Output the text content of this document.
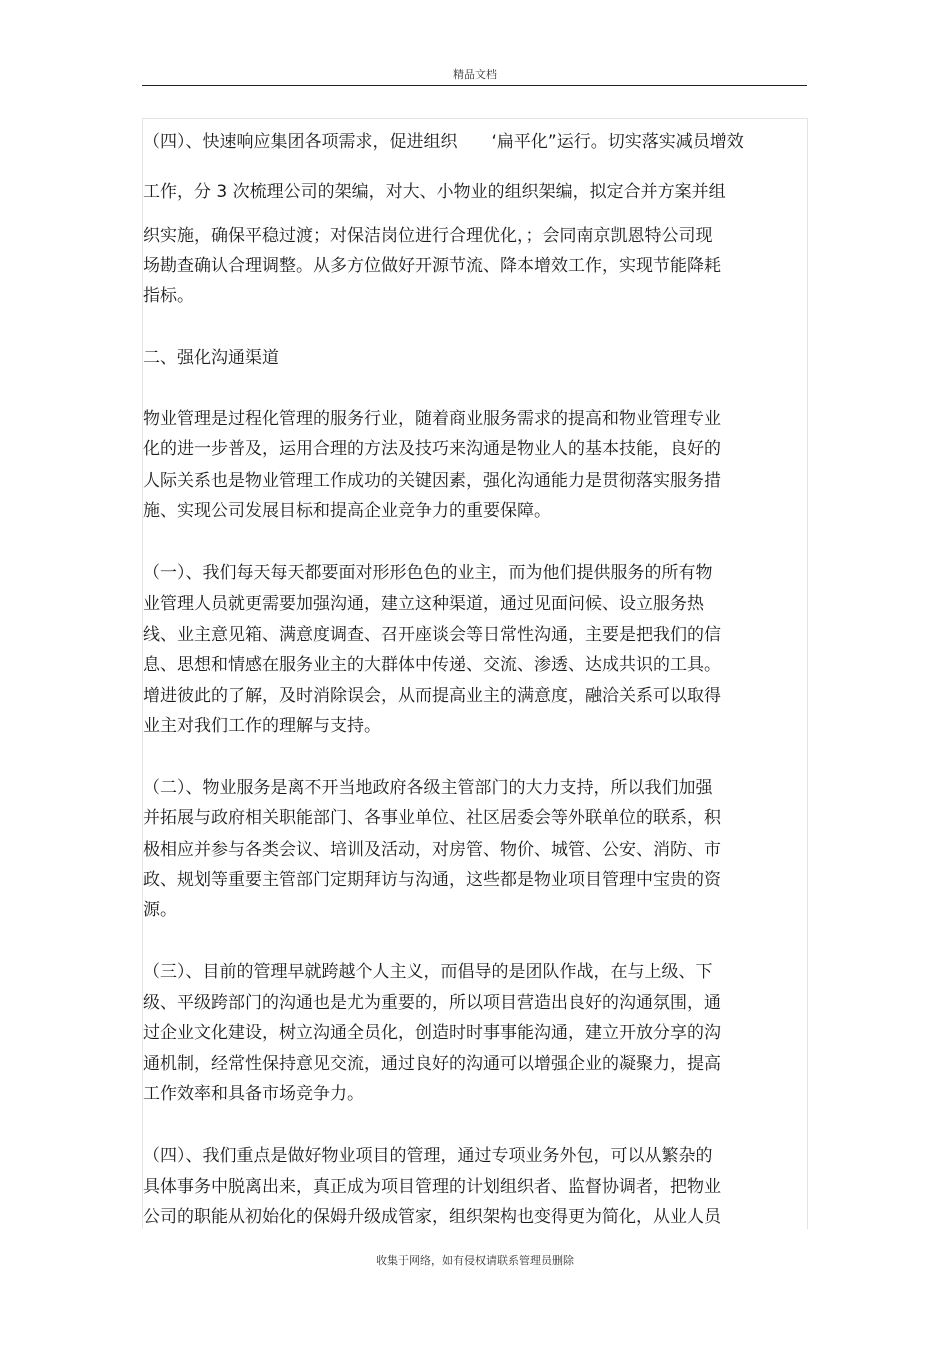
精品文档
（四）、快速响应集团各项需求，促进组织　　‘扁平化”运行。切实落实减员增效
工作，分 3 次梳理公司的架编，对大、小物业的组织架编，拟定合并方案并组
织实施，确保平稳过渡；对保洁岗位进行合理优化，；会同南京凯恩特公司现
场勘查确认合理调整。从多方位做好开源节流、降本增效工作，实现节能降耗
指标。
二、强化沟通渠道
物业管理是过程化管理的服务行业，随着商业服务需求的提高和物业管理专业
化的进一步普及，运用合理的方法及技巧来沟通是物业人的基本技能，良好的
人际关系也是物业管理工作成功的关键因素，强化沟通能力是贯彻落实服务措
施、实现公司发展目标和提高企业竞争力的重要保障。
（一）、我们每天每天都要面对形形色色的业主，而为他们提供服务的所有物
业管理人员就更需要加强沟通，建立这种渠道，通过见面问候、设立服务热
线、业主意见箱、满意度调查、召开座谈会等日常性沟通，主要是把我们的信
息、思想和情感在服务业主的大群体中传递、交流、渗透、达成共识的工具。
增进彼此的了解，及时消除误会，从而提高业主的满意度，融洽关系可以取得
业主对我们工作的理解与支持。
（二）、物业服务是离不开当地政府各级主管部门的大力支持，所以我们加强
并拓展与政府相关职能部门、各事业单位、社区居委会等外联单位的联系，积
极相应并参与各类会议、培训及活动，对房管、物价、城管、公安、消防、市
政、规划等重要主管部门定期拜访与沟通，这些都是物业项目管理中宝贵的资
源。
（三）、目前的管理早就跨越个人主义，而倡导的是团队作战，在与上级、下
级、平级跨部门的沟通也是尤为重要的，所以项目营造出良好的沟通氛围，通
过企业文化建设，树立沟通全员化，创造时时事事能沟通，建立开放分享的沟
通机制，经常性保持意见交流，通过良好的沟通可以增强企业的凝聚力，提高
工作效率和具备市场竞争力。
（四）、我们重点是做好物业项目的管理，通过专项业务外包，可以从繁杂的
具体事务中脱离出来，真正成为项目管理的计划组织者、监督协调者，把物业
公司的职能从初始化的保姆升级成管家，组织架构也变得更为简化，从业人员
收集于网络，如有侵权请联系管理员删除
